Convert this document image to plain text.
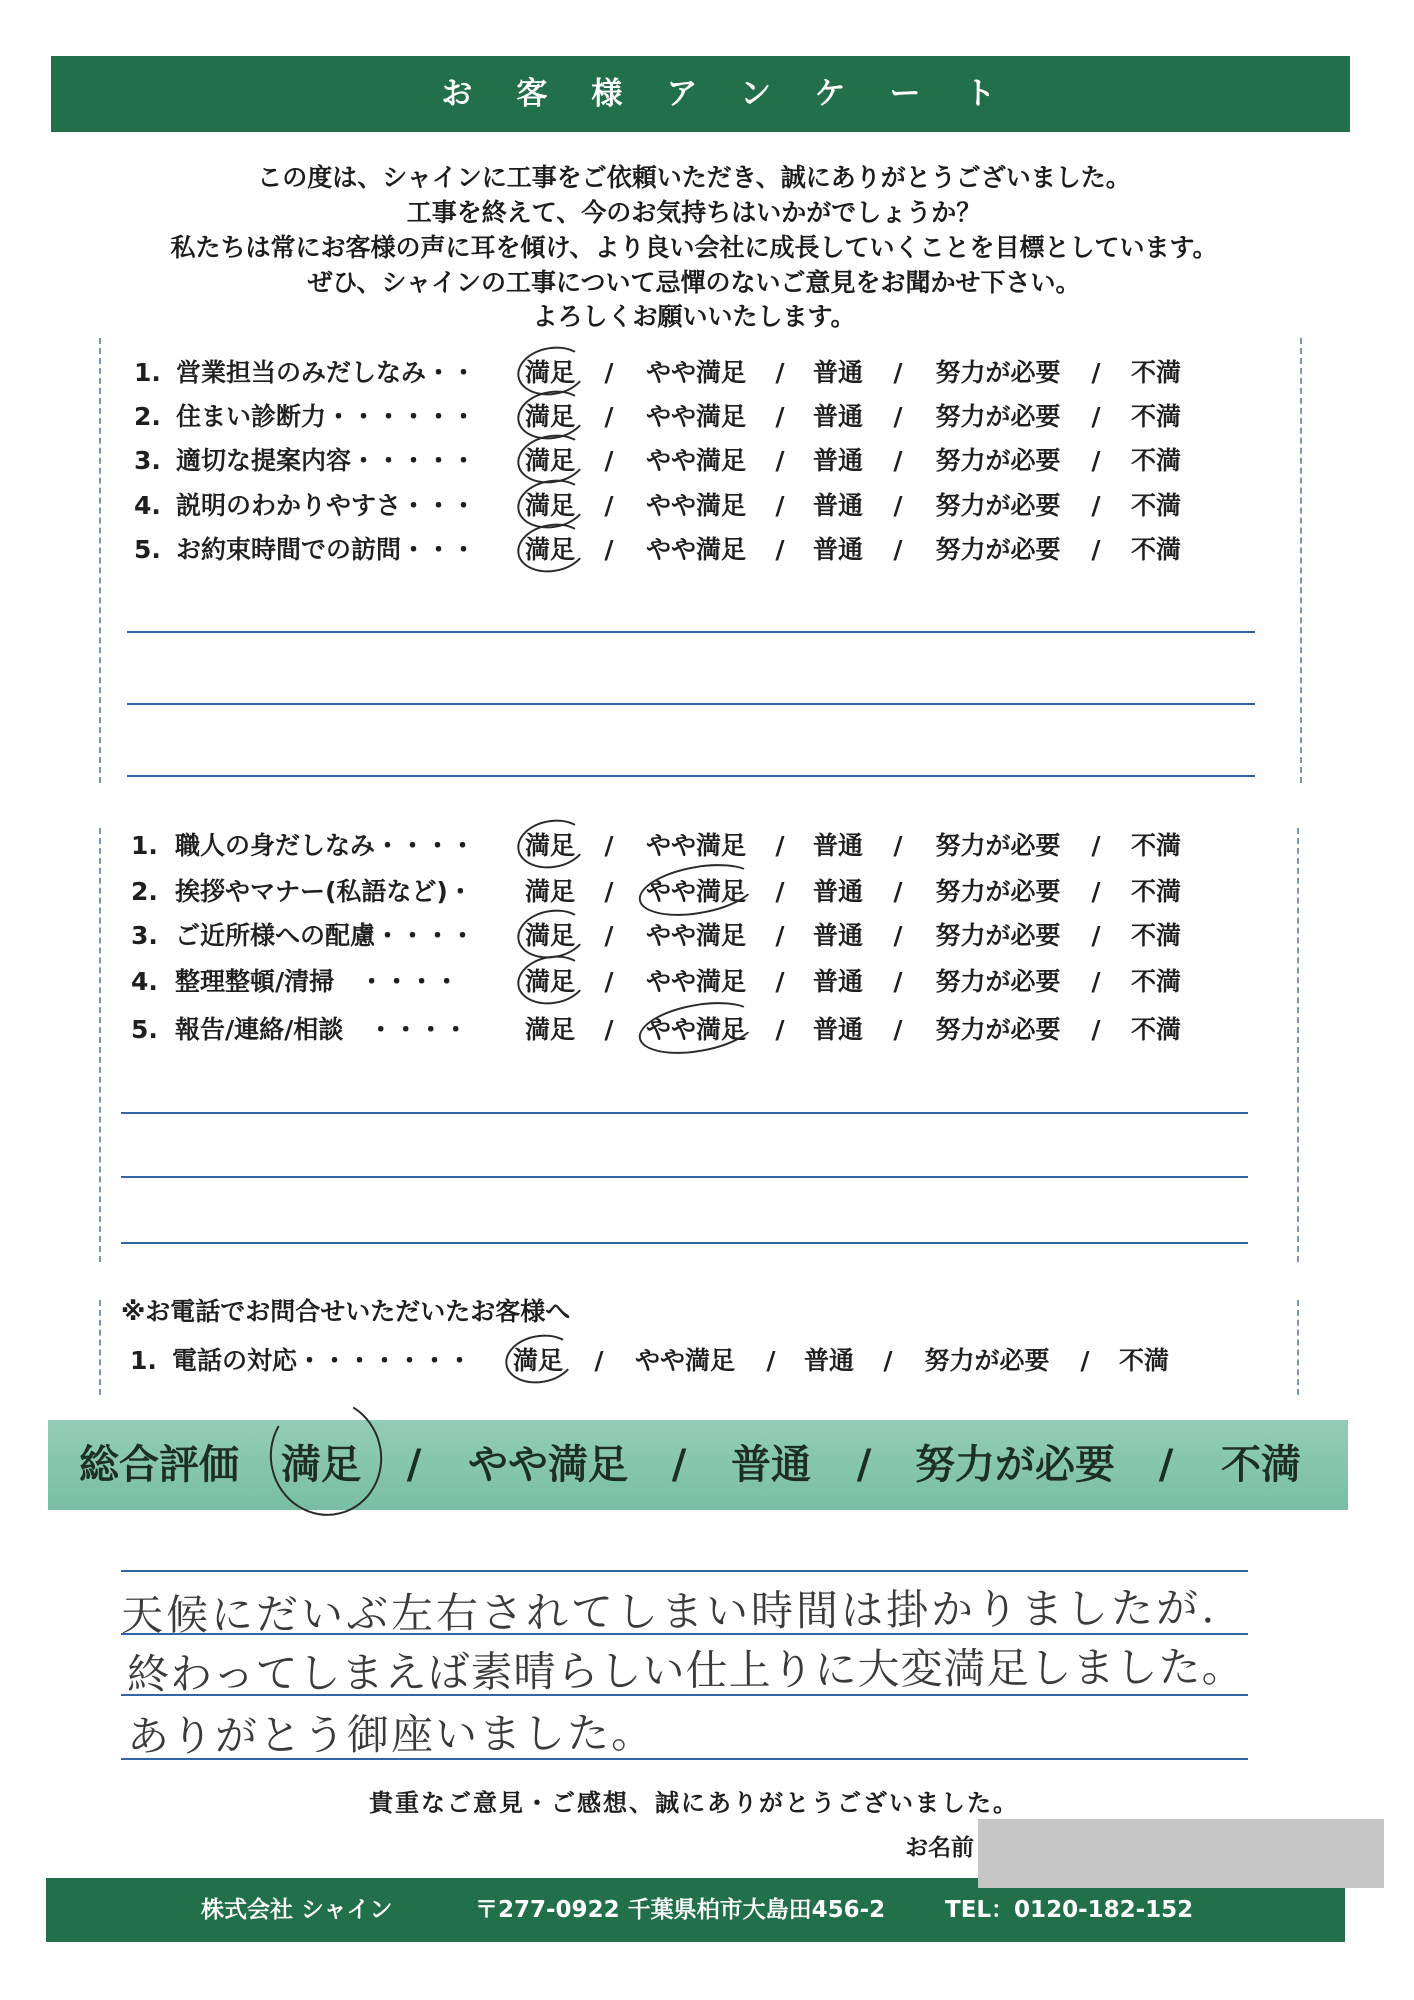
お客様アンケート
この度は、シャインに工事をご依頼いただき、誠にありがとうございました。
工事を終えて、今のお気持ちはいかがでしょうか？
私たちは常にお客様の声に耳を傾け、より良い会社に成長していくことを目標としています。
ぜひ、シャインの工事について忌憚のないご意見をお聞かせ下さい。
よろしくお願いいたします。
1. 営業担当のみだしなみ・・ 満足 / やや満足 / 普通 / 努力が必要 / 不満
2. 住まい診断力・・・・・・ 満足 / やや満足 / 普通 / 努力が必要 / 不満
3. 適切な提案内容・・・・・ 満足 / やや満足 / 普通 / 努力が必要 / 不満
4. 説明のわかりやすさ・・・ 満足 / やや満足 / 普通 / 努力が必要 / 不満
5. お約束時間での訪問・・・ 満足 / やや満足 / 普通 / 努力が必要 / 不満
1. 職人の身だしなみ・・・・ 満足 / やや満足 / 普通 / 努力が必要 / 不満
2. 挨拶やマナー(私語など)・ 満足 / やや満足 / 普通 / 努力が必要 / 不満
3. ご近所様への配慮・・・・ 満足 / やや満足 / 普通 / 努力が必要 / 不満
4. 整理整頓/清掃　・・・・	満足 / やや満足 / 普通 / 努力が必要 / 不満
5. 報告/連絡/相談　・・・・ 満足 / やや満足 / 普通 / 努力が必要 / 不満
※お電話でお問合せいただいたお客様へ
1. 電話の対応・・・・・・・ 満足 / やや満足 / 普通 / 努力が必要 / 不満
総合評価 満足 / やや満足 / 普通 / 努力が必要 / 不満
天候にだいぶ左右されてしまい時間は掛かりましたが.
終わってしまえば素晴らしい仕上りに大変満足しました。
ありがとう御座いました。
貴重なご意見・ご感想、誠にありがとうございました。
お名前
株式会社 シャイン	〒277-0922 千葉県柏市大島田456-2	TEL：0120-182-152
